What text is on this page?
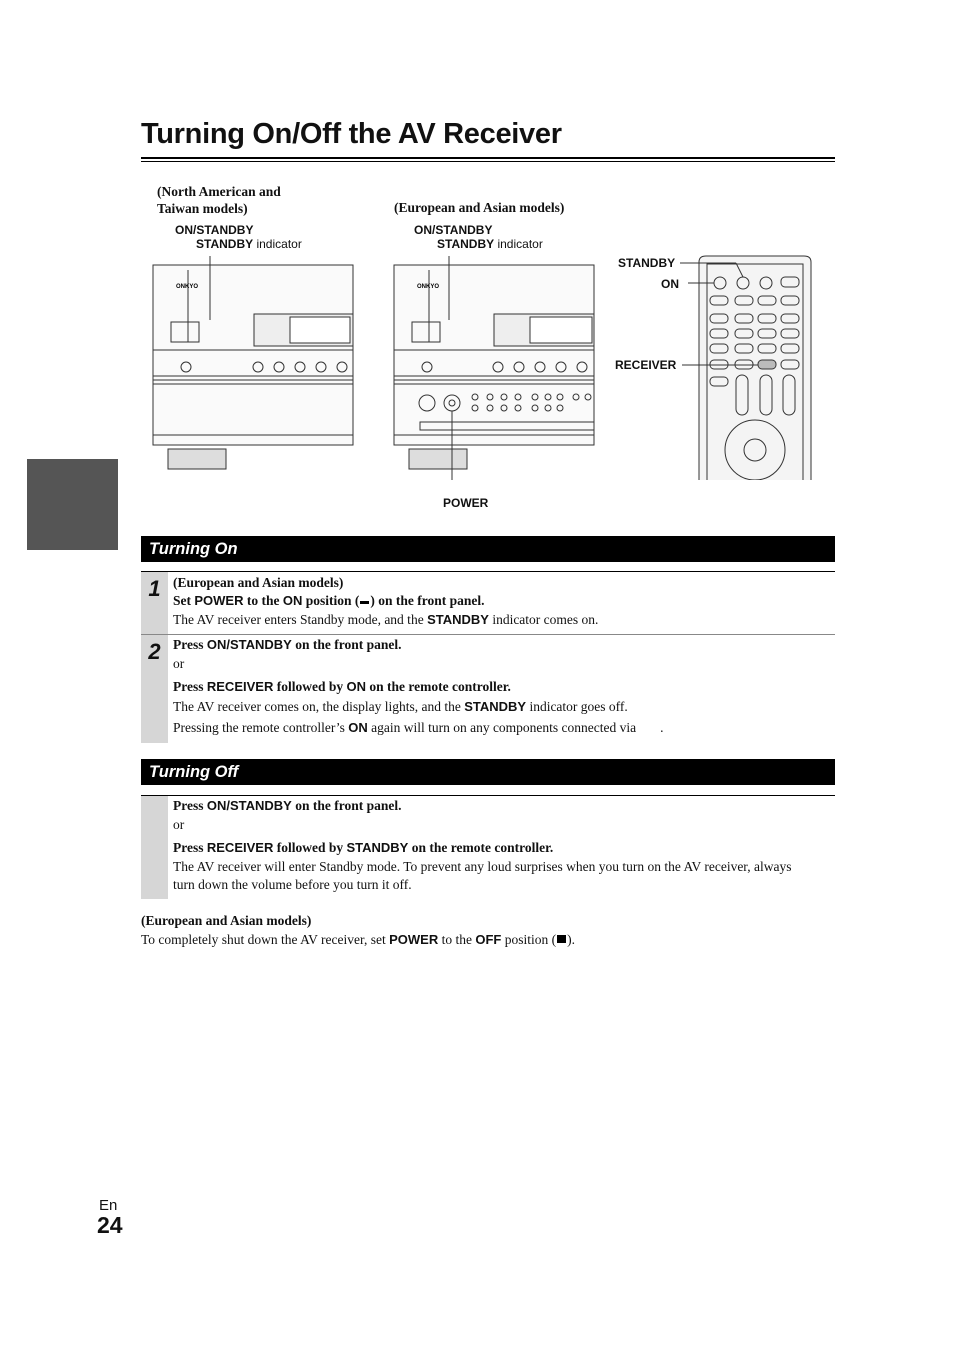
Turning On/Off the AV Receiver
(North American and
Taiwan models)	(European and Asian models)
ON/STANDBY
STANDBY indicator
ON/STANDBY
STANDBY indicator
POWER
STANDBY
ON
RECEIVER
ONKYO	ONKYO
Turning On
1 (European and Asian models)
Set POWER to the ON position ( ) on the front panel.
The AV receiver enters Standby mode, and the STANDBY indicator comes on.
2 Press ON/STANDBY on the front panel.
or
Press RECEIVER followed by ON on the remote controller.
The AV receiver comes on, the display lights, and the STANDBY indicator goes off.
Pressing the remote controller’s ON again will turn on any components connected via .
Turning Off
Press ON/STANDBY on the front panel.
or
Press RECEIVER followed by STANDBY on the remote controller.
The AV receiver will enter Standby mode. To prevent any loud surprises when you turn on the AV receiver, always
turn down the volume before you turn it off.
(European and Asian models)
To completely shut down the AV receiver, set POWER to the OFF position ( ).
En
24
